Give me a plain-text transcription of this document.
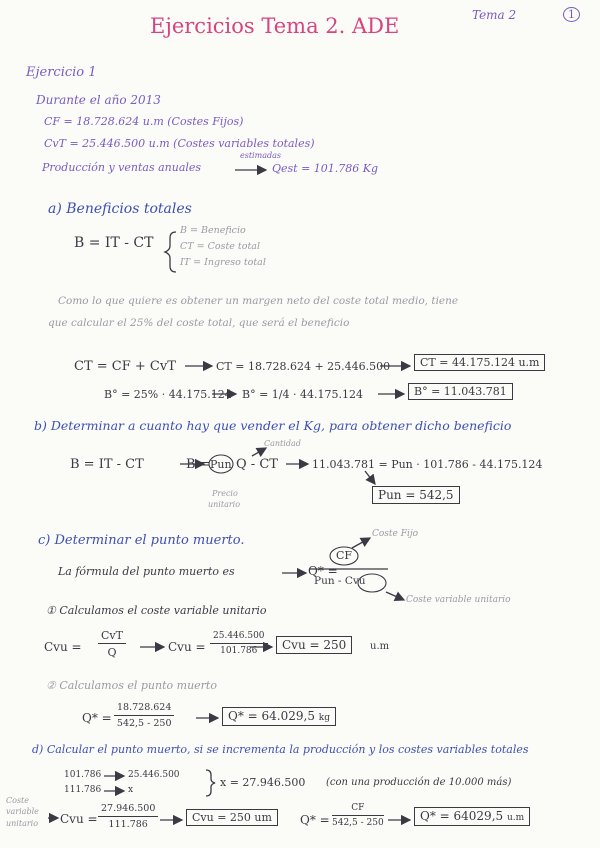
Ejercicios Tema 2. ADE	Tema 2	1
Ejercicio 1
Durante el año 2013
CF = 18.728.624 u.m (Costes Fijos)
CvT = 25.446.500 u.m (Costes variables totales)
Producción y ventas anuales
estimadas
Qest = 101.786 Kg
a) Beneficios totales
B = IT - CT
B = Beneficio
CT = Coste total
IT = Ingreso total
Como lo que quiere es obtener un margen neto del coste total medio, tiene
que calcular el 25% del coste total, que será el beneficio
CT = CF + CvT	CT = 18.728.624 + 25.446.500	CT = 44.175.124 u.m
B° = 25% · 44.175.124 B° = 1/4 · 44.175.124	B° = 11.043.781
b) Determinar a cuanto hay que vender el Kg, para obtener dicho beneficio
B = IT - CT	B = Pun Q - CT
Cantidad
Precio
unitario
11.043.781 = Pun · 101.786 - 44.175.124
Pun = 542,5
c) Determinar el punto muerto.
La fórmula del punto muerto es	Q* =
CF
Pun - Cvu
Coste Fijo
Coste variable unitario
① Calculamos el coste variable unitario
Cvu =
CvT
Q	Cvu = $\frac{25.446.500}{101.786}$	Cvu = 250	u.m
② Calculamos el punto muerto
$Q* = \frac{18.728.624}{542,5 - 250}$	Q* = 64.029,5 kg
d) Calcular el punto muerto, si se incrementa la producción y los costes variables totales
101.786	25.446.500
111.786	x
x = 27.946.500 (con una producción de 10.000 más)
Coste
variable
unitario Cvu = $\frac{27.946.500}{111.786}$	Cvu = 250 um	$Q* = \frac{CF}{542,5 - 250}$	Q* = 64029,5 u.m
